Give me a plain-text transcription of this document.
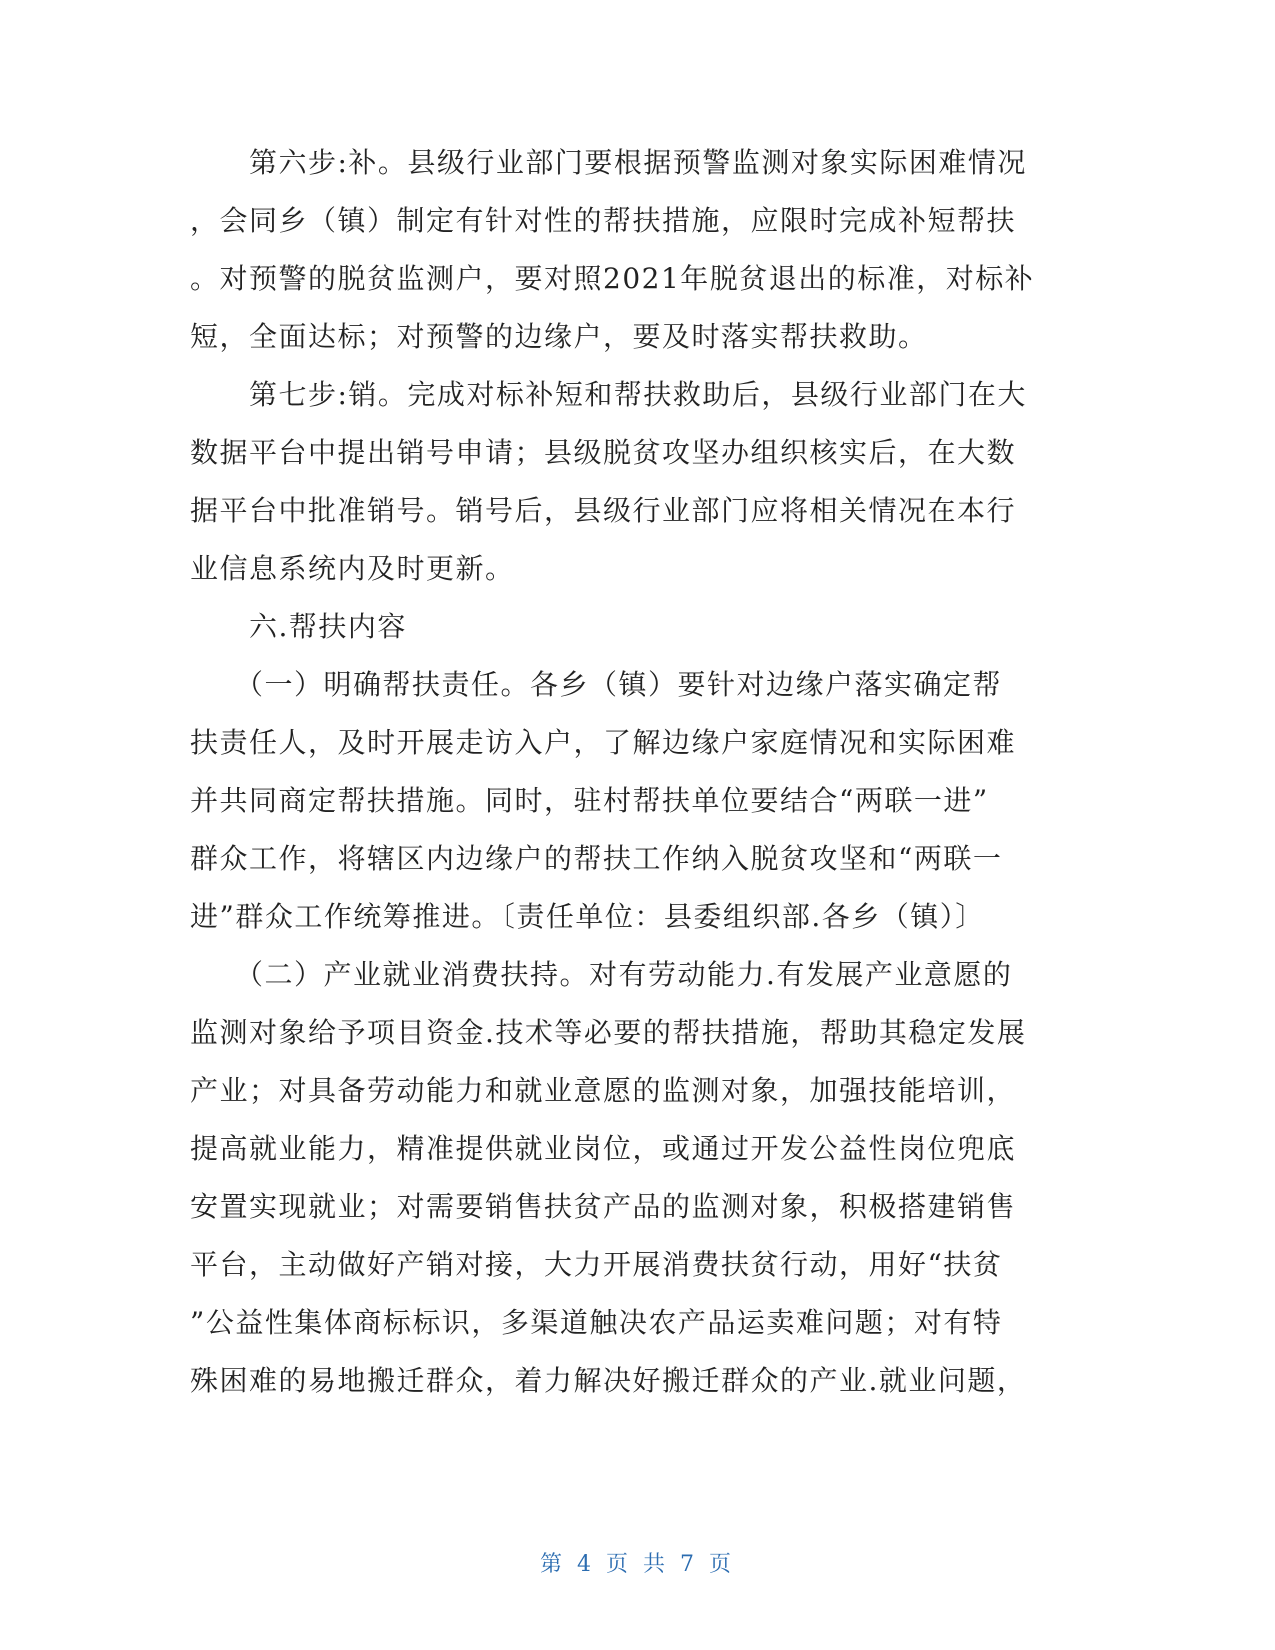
　　第六步:补。县级行业部门要根据预警监测对象实际困难情况
，会同乡（镇）制定有针对性的帮扶措施，应限时完成补短帮扶
。对预警的脱贫监测户，要对照2021年脱贫退出的标准，对标补
短，全面达标；对预警的边缘户，要及时落实帮扶救助。
　　第七步:销。完成对标补短和帮扶救助后，县级行业部门在大
数据平台中提出销号申请；县级脱贫攻坚办组织核实后，在大数
据平台中批准销号。销号后，县级行业部门应将相关情况在本行
业信息系统内及时更新。
　　六.帮扶内容
　　（一）明确帮扶责任。各乡（镇）要针对边缘户落实确定帮
扶责任人，及时开展走访入户，了解边缘户家庭情况和实际困难
并共同商定帮扶措施。同时，驻村帮扶单位要结合“两联一进”
群众工作，将辖区内边缘户的帮扶工作纳入脱贫攻坚和“两联一
进”群众工作统筹推进。〔责任单位：县委组织部.各乡（镇）〕
　　（二）产业就业消费扶持。对有劳动能力.有发展产业意愿的
监测对象给予项目资金.技术等必要的帮扶措施，帮助其稳定发展
产业；对具备劳动能力和就业意愿的监测对象，加强技能培训，
提高就业能力，精准提供就业岗位，或通过开发公益性岗位兜底
安置实现就业；对需要销售扶贫产品的监测对象，积极搭建销售
平台，主动做好产销对接，大力开展消费扶贫行动，用好“扶贫
”公益性集体商标标识，多渠道触决农产品运卖难问题；对有特
殊困难的易地搬迁群众，着力解决好搬迁群众的产业.就业问题，
第 4 页 共 7 页
